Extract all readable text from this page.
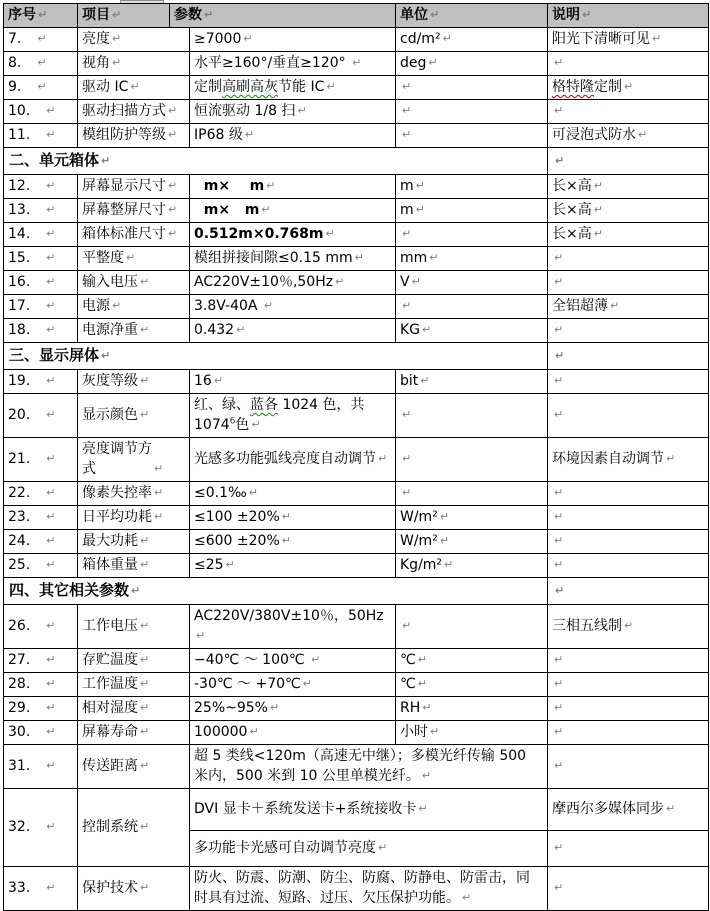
序号 ↵	项目 ↵	参数 ↵		单位 ↵	说明 ↵
7. ↵	亮度 ↵		≥7000 ↵	cd/m² ↵	阳光下清晰可见 ↵
8. ↵	视角 ↵		水平≥160°/垂直≥120° ↵	deg ↵	↵
9. ↵	驱动 IC ↵		定制高刷高灰节能 IC ↵	↵	格特隆定制 ↵
10. ↵	驱动扫描方式 ↵		恒流驱动 1/8 扫 ↵	↵	↵
11. ↵	模组防护等级 ↵		IP68 级 ↵	↵	可浸泡式防水 ↵
二、单元箱体 ↵					↵
12. ↵	屏幕显示尺寸 ↵		m×    m ↵	m ↵	长×高 ↵
13. ↵	屏幕整屏尺寸 ↵		m×   m ↵	m ↵	长×高 ↵
14. ↵	箱体标准尺寸 ↵		0.512m×0.768m ↵	↵	长×高 ↵
15. ↵	平整度 ↵		模组拼接间隙≤0.15 mm ↵	mm ↵	↵
16. ↵	输入电压 ↵		AC220V±10％,50Hz ↵	V ↵	↵
17. ↵	电源 ↵		3.8V-40A ↵	↵	全铝超薄 ↵
18. ↵	电源净重 ↵		0.432 ↵	KG ↵	↵
三、显示屏体 ↵					↵
19. ↵	灰度等级 ↵		16 ↵	bit ↵	↵
20. ↵	显示颜色 ↵		红、绿、蓝各 1024 色，共 1074$^6$色 ↵	↵	↵
21. ↵	亮度调节方式 ↵		光感多功能弧线亮度自动调节 ↵	↵	环境因素自动调节 ↵
22. ↵	像素失控率 ↵		≤0.1‰ ↵	↵	↵
23. ↵	日平均功耗 ↵		≤100 ±20% ↵	W/m² ↵	↵
24. ↵	最大功耗 ↵		≤600 ±20% ↵	W/m² ↵	↵
25. ↵	箱体重量 ↵		≤25 ↵	Kg/m² ↵	↵
四、其它相关参数 ↵					↵
26. ↵	工作电压 ↵		AC220V/380V±10％，50Hz↵	↵	三相五线制 ↵
27. ↵	存贮温度 ↵		−40℃ ～ 100℃ ↵	℃ ↵	↵
28. ↵	工作温度 ↵		-30℃ ～ +70℃ ↵	℃ ↵	↵
29. ↵	相对湿度 ↵		25%~95% ↵	RH ↵	↵
30. ↵	屏幕寿命 ↵		100000 ↵	小时 ↵	↵
31. ↵	传送距离 ↵		超 5 类线<120m（高速无中继）；多模光纤传输 500 米内，500 米到 10 公里单模光纤。 ↵		↵
32. ↵	控制系统 ↵		DVI 显卡＋系统发送卡+系统接收卡 ↵		摩西尔多媒体同步 ↵
			多功能卡光感可自动调节亮度 ↵		↵
33. ↵	保护技术 ↵		防火、防震、防潮、防尘、防腐、防静电、防雷击，同时具有过流、短路、过压、欠压保护功能。 ↵		↵
